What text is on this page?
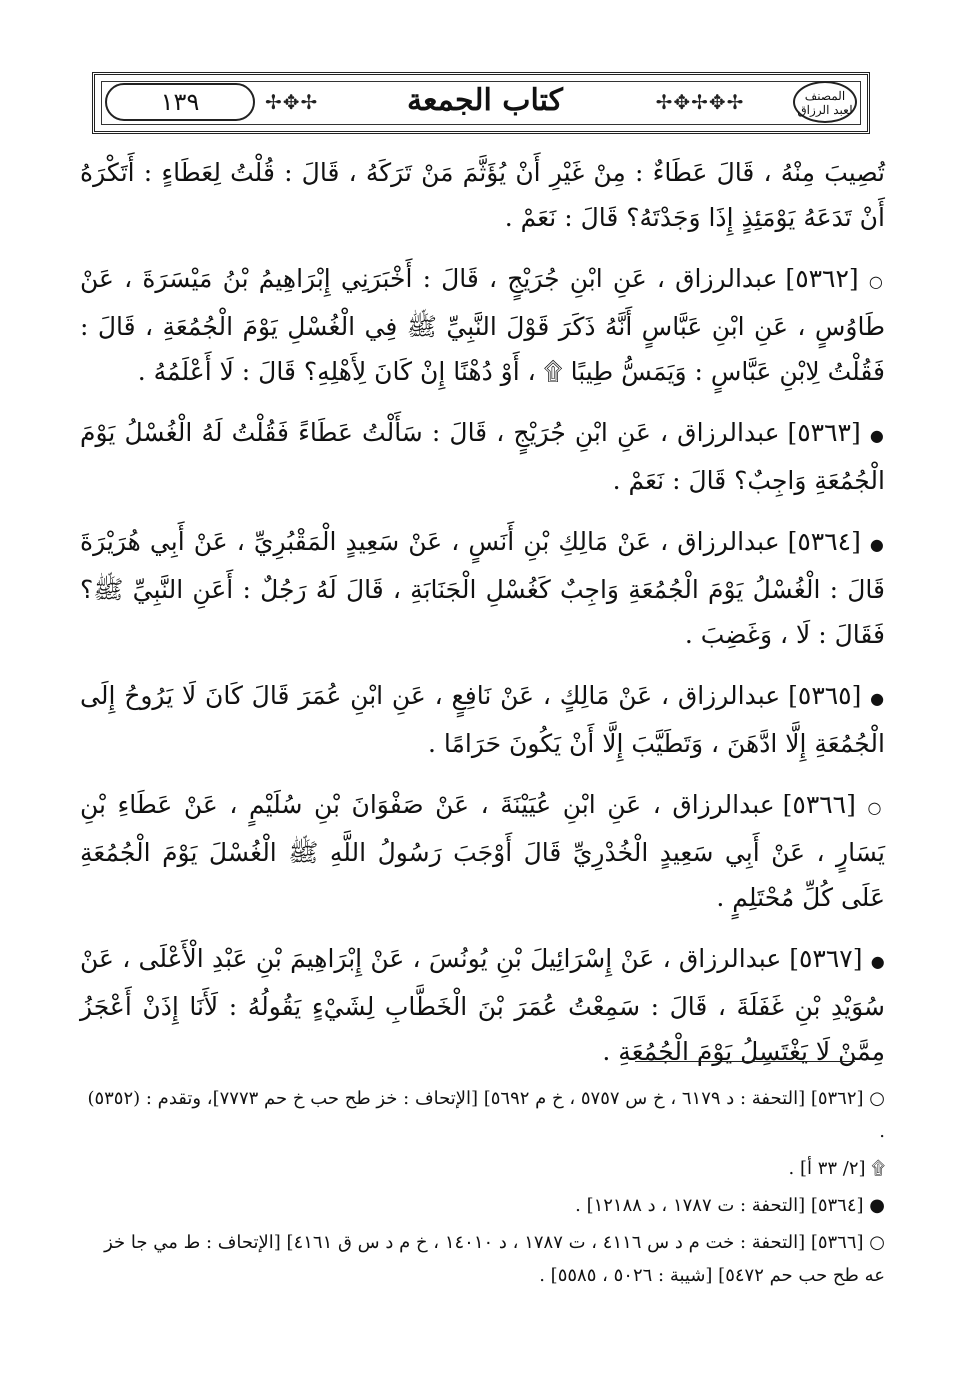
١٣٩	✢✥✢	كتاب الجمعة	✢✥✢✥✢	المصنف
لعبد الرزاق

تُصِيبَ مِنْهُ ، قَالَ عَطَاءٌ : مِنْ غَيْرِ أَنْ يُؤَثَّمَ مَنْ تَرَكَهُ ، قَالَ : قُلْتُ لِعَطَاءٍ : أَتَكْرَهُ أَنْ تَدَعَهُ يَوْمَئِذٍ إِذَا وَجَدْتَهُ؟ قَالَ : نَعَمْ .

○ [٥٣٦٢] عبدالرزاق ، عَنِ ابْنِ جُرَيْجٍ ، قَالَ : أَخْبَرَنِي إِبْرَاهِيمُ بْنُ مَيْسَرَةَ ، عَنْ طَاوُسٍ ، عَنِ ابْنِ عَبَّاسٍ أَنَّهُ ذَكَرَ قَوْلَ النَّبِيِّ ﷺ فِي الْغُسْلِ يَوْمَ الْجُمُعَةِ ، قَالَ : فَقُلْتُ لِابْنِ عَبَّاسٍ : وَيَمَسُّ طِيبًا ۩ ، أَوْ دُهْنًا إِنْ كَانَ لِأَهْلِهِ؟ قَالَ : لَا أَعْلَمُهُ .

● [٥٣٦٣] عبدالرزاق ، عَنِ ابْنِ جُرَيْجٍ ، قَالَ : سَأَلْتُ عَطَاءً فَقُلْتُ لَهُ الْغُسْلُ يَوْمَ الْجُمُعَةِ وَاجِبٌ؟ قَالَ : نَعَمْ .

● [٥٣٦٤] عبدالرزاق ، عَنْ مَالِكِ بْنِ أَنَسٍ ، عَنْ سَعِيدٍ الْمَقْبُرِيِّ ، عَنْ أَبِي هُرَيْرَةَ قَالَ : الْغُسْلُ يَوْمَ الْجُمُعَةِ وَاجِبٌ كَغُسْلِ الْجَنَابَةِ ، قَالَ لَهُ رَجُلٌ : أَعَنِ النَّبِيِّ ﷺ؟ فَقَالَ : لَا ، وَغَضِبَ .

● [٥٣٦٥] عبدالرزاق ، عَنْ مَالِكٍ ، عَنْ نَافِعٍ ، عَنِ ابْنِ عُمَرَ قَالَ كَانَ لَا يَرُوحُ إِلَى الْجُمُعَةِ إِلَّا ادَّهَنَ ، وَتَطَيَّبَ إِلَّا أَنْ يَكُونَ حَرَامًا .

○ [٥٣٦٦] عبدالرزاق ، عَنِ ابْنِ عُيَيْنَةَ ، عَنْ صَفْوَانَ بْنِ سُلَيْمٍ ، عَنْ عَطَاءِ بْنِ يَسَارٍ ، عَنْ أَبِي سَعِيدٍ الْخُدْرِيِّ قَالَ أَوْجَبَ رَسُولُ اللَّهِ ﷺ الْغُسْلَ يَوْمَ الْجُمُعَةِ عَلَى كُلِّ مُحْتَلِمٍ .

● [٥٣٦٧] عبدالرزاق ، عَنْ إِسْرَائِيلَ بْنِ يُونُسَ ، عَنْ إِبْرَاهِيمَ بْنِ عَبْدِ الْأَعْلَى ، عَنْ سُوَيْدِ بْنِ غَفَلَةَ ، قَالَ : سَمِعْتُ عُمَرَ بْنَ الْخَطَّابِ لِشَيْءٍ يَقُولُهُ : لَأَنَا إِذَنْ أَعْجَزُ مِمَّنْ لَا يَغْتَسِلُ يَوْمَ الْجُمُعَةِ .

○ [٥٣٦٢] [التحفة : د ٦١٧٩ ، خ س ٥٧٥٧ ، خ م ٥٦٩٢] [الإتحاف : خز طح حب خ حم ٧٧٧٣]، وتقدم : (٥٣٥٢) .

۩ [٢/ ٣٣ أ] .

● [٥٣٦٤] [التحفة : ت ١٧٨٧ ، د ١٢١٨٨] .

○ [٥٣٦٦] [التحفة : خت م د س ٤١١٦ ، ت ١٧٨٧ ، د ١٤٠١٠ ، خ م د س ق ٤١٦١] [الإتحاف : ط مي جا خز عه طح حب حم ٥٤٧٢] [شيبة : ٥٠٢٦ ، ٥٥٨٥] .
